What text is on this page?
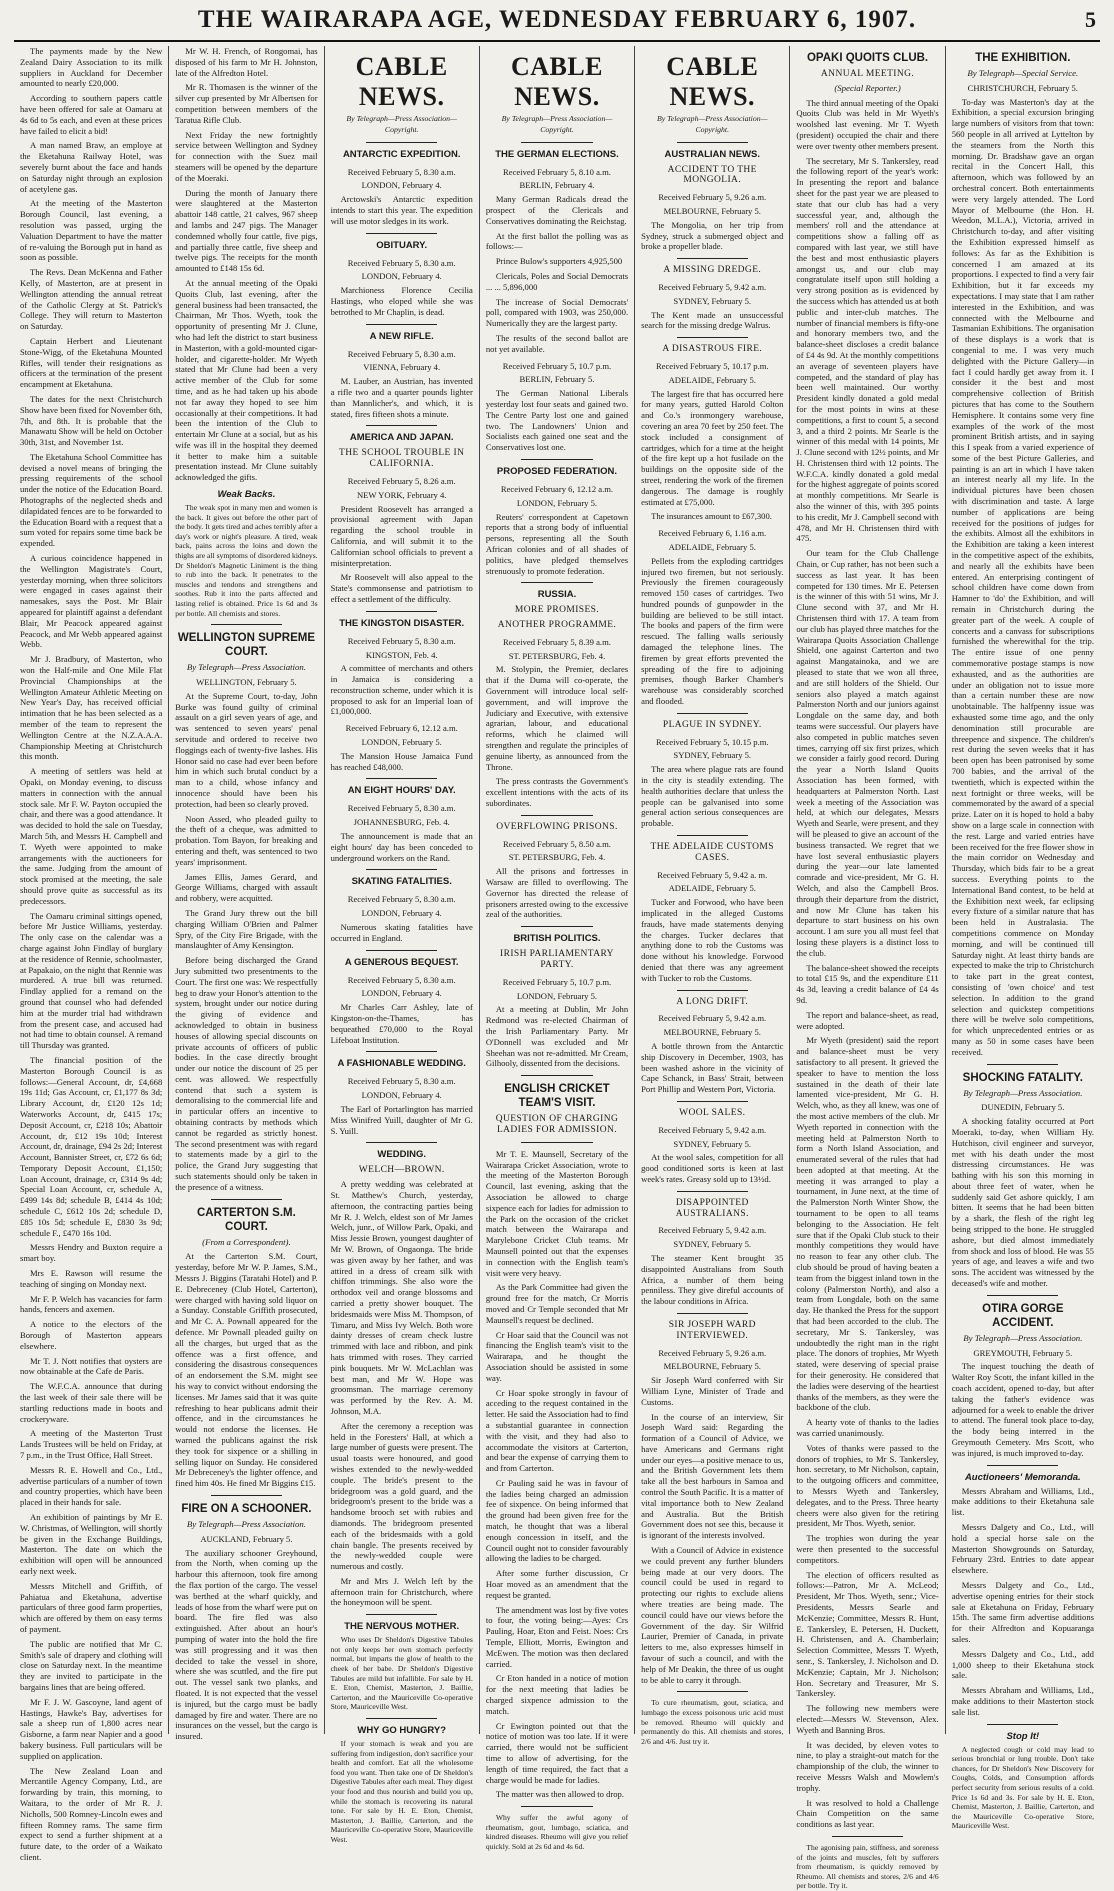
THE WAIRARAPA AGE, WEDNESDAY FEBRUARY 6, 1907.	5

The payments made by the New Zealand Dairy Association to its milk suppliers in Auckland for December amounted to nearly £20,000.

According to southern papers cattle have been offered for sale at Oamaru at 4s 6d to 5s each, and even at these prices have failed to elicit a bid!

A man named Braw, an employe at the Eketahuna Railway Hotel, was severely burnt about the face and hands on Saturday night through an explosion of acetylene gas.

At the meeting of the Masterton Borough Council, last evening, a resolution was passed, urging the Valuation Department to have the matter of re-valuing the Borough put in hand as soon as possible.

The Revs. Dean McKenna and Father Kelly, of Masterton, are at present in Wellington attending the annual retreat of the Catholic Clergy at St. Patrick's College. They will return to Masterton on Saturday.

Captain Herbert and Lieutenant Stone-Wigg, of the Eketahuna Mounted Rifles, will tender their resignations as officers at the termination of the present encampment at Eketahuna.

The dates for the next Christchurch Show have been fixed for November 6th, 7th, and 8th. It is probable that the Manawatu Show will be held on October 30th, 31st, and November 1st.

The Eketahuna School Committee has devised a novel means of bringing the pressing requirements of the school under the notice of the Education Board. Photographs of the neglected sheds and dilapidated fences are to be forwarded to the Education Board with a request that a sum voted for repairs some time back be expended.

A curious coincidence happened in the Wellington Magistrate's Court, yesterday morning, when three solicitors were engaged in cases against their namesakes, says the Post. Mr Blair appeared for plaintiff against a defendant Blair, Mr Peacock appeared against Peacock, and Mr Webb appeared against Webb.

Mr J. Bradbury, of Masterton, who won the Half-mile and One Mile Flat Provincial Championships at the Wellington Amateur Athletic Meeting on New Year's Day, has received official intimation that he has been selected as a member of the team to represent the Wellington Centre at the N.Z.A.A.A. Championship Meeting at Christchurch this month.

A meeting of settlers was held at Opaki, on Monday evening, to discuss matters in connection with the annual stock sale. Mr F. W. Payton occupied the chair, and there was a good attendance. It was decided to hold the sale on Tuesday, March 5th, and Messrs H. Campbell and T. Wyeth were appointed to make arrangements with the auctioneers for the same. Judging from the amount of stock promised at the meeting, the sale should prove quite as successful as its predecessors.

The Oamaru criminal sittings opened, before Mr Justice Williams, yesterday. The only case on the calendar was a charge against John Findlay of burglary at the residence of Rennie, schoolmaster, at Papakaio, on the night that Rennie was murdered. A true bill was returned. Findlay applied for a remand on the ground that counsel who had defended him at the murder trial had withdrawn from the present case, and accused had not had time to obtain counsel. A remand till Thursday was granted.

The financial position of the Masterton Borough Council is as follows:—General Account, dr, £4,668 19s 11d; Gas Account, cr, £1,177 8s 3d; Library Account, dr, £120 12s 1d; Waterworks Account, dr, £415 17s; Deposit Account, cr, £218 10s; Abattoir Account, dr, £12 19s 10d; Interest Account, dr, drainage, £94 2s 2d; Interest Account, Bannister Street, cr, £72 6s 6d; Temporary Deposit Account, £1,150; Loan Account, drainage, cr, £314 9s 4d; Special Loan Account, cr, schedule A, £499 14s 8d; schedule B, £414 4s 10d; schedule C, £612 10s 2d; schedule D, £85 10s 5d; schedule E, £830 3s 9d; schedule F., £470 16s 10d.

Messrs Hendry and Buxton require a smart boy.

Mrs E. Rawson will resume the teaching of singing on Monday next.

Mr F. P. Welch has vacancies for farm hands, fencers and axemen.

A notice to the electors of the Borough of Masterton appears elsewhere.

Mr T. J. Nott notifies that oysters are now obtainable at the Cafe de Paris.

The W.F.C.A. announce that during the last week of their sale there will be startling reductions made in boots and crockeryware.

A meeting of the Masterton Trust Lands Trustees will be held on Friday, at 7 p.m., in the Trust Office, Hall Street.

Messrs R. E. Howell and Co., Ltd., advertise particulars of a number of town and country properties, which have been placed in their hands for sale.

An exhibition of paintings by Mr E. W. Christmas, of Wellington, will shortly be given in the Exchange Buildings, Masterton. The date on which the exhibition will open will be announced early next week.

Messrs Mitchell and Griffith, of Pahiatua and Eketahuna, advertise particulars of three good farm properties, which are offered by them on easy terms of payment.

The public are notified that Mr C. Smith's sale of drapery and clothing will close on Saturday next. In the meantime they are invited to participate in the bargains lines that are being offered.

Mr F. J. W. Gascoyne, land agent of Hastings, Hawke's Bay, advertises for sale a sheep run of 1,800 acres near Gisborne, a farm near Napier and a good bakery business. Full particulars will be supplied on application.

The New Zealand Loan and Mercantile Agency Company, Ltd., are forwarding by train, this morning, to Waitara, to the order of Mr R. J. Nicholls, 500 Romney-Lincoln ewes and fifteen Romney rams. The same firm expect to send a further shipment at a future date, to the order of a Waikato client.

Mr W. H. French, of Rongomai, has disposed of his farm to Mr H. Johnston, late of the Alfredton Hotel.

Mr R. Thomasen is the winner of the silver cup presented by Mr Albertsen for competition between members of the Taratua Rifle Club.

Next Friday the new fortnightly service between Wellington and Sydney for connection with the Suez mail steamers will be opened by the departure of the Moeraki.

During the month of January there were slaughtered at the Masterton abattoir 148 cattle, 21 calves, 967 sheep and lambs and 247 pigs. The Manager condemned wholly four cattle, five pigs, and partially three cattle, five sheep and twelve pigs. The receipts for the month amounted to £148 15s 6d.

At the annual meeting of the Opaki Quoits Club, last evening, after the general business had been transacted, the Chairman, Mr Thos. Wyeth, took the opportunity of presenting Mr J. Clune, who had left the district to start business in Masterton, with a gold-mounted cigar-holder, and cigarette-holder. Mr Wyeth stated that Mr Clune had been a very active member of the Club for some time, and as he had taken up his abode not far away they hoped to see him occasionally at their competitions. It had been the intention of the Club to entertain Mr Clune at a social, but as his wife was ill in the hospital they deemed it better to make him a suitable presentation instead. Mr Clune suitably acknowledged the gifts.

Weak Backs.

The weak spot in many men and women is the back. It gives out before the other part of the body. It gets tired and aches terribly after a day's work or night's pleasure. A tired, weak back, pains across the loins and down the thighs are all symptoms of disordered kidneys. Dr Sheldon's Magnetic Liniment is the thing to rub into the back. It penetrates to the muscles and tendons and strengthens and soothes. Rub it into the parts affected and lasting relief is obtained. Price 1s 6d and 3s per bottle. All chemists and stores.

WELLINGTON SUPREME COURT.
By Telegraph—Press Association.

WELLINGTON, February 5.

At the Supreme Court, to-day, John Burke was found guilty of criminal assault on a girl seven years of age, and was sentenced to seven years' penal servitude and ordered to receive two floggings each of twenty-five lashes. His Honor said no case had ever been before him in which such brutal conduct by a man to a child, whose infancy and innocence should have been his protection, had been so clearly proved.

Noon Assed, who pleaded guilty to the theft of a cheque, was admitted to probation. Tom Bayon, for breaking and entering and theft, was sentenced to two years' imprisonment.

James Ellis, James Gerard, and George Williams, charged with assault and robbery, were acquitted.

The Grand Jury threw out the bill charging William O'Brien and Palmer Spry, of the City Fire Brigade, with the manslaughter of Amy Kensington.

Before being discharged the Grand Jury submitted two presentments to the Court. The first one was: We respectfully beg to draw your Honor's attention to the system, brought under our notice during the giving of evidence and acknowledged to obtain in business houses of allowing special discounts on private accounts of officers of public bodies. In the case directly brought under our notice the discount of 25 per cent. was allowed. We respectfully contend that such a system is demoralising to the commercial life and in particular offers an incentive to obtaining contracts by methods which cannot be regarded as strictly honest. The second presentment was with regard to statements made by a girl to the police, the Grand Jury suggesting that such statements should only be taken in the presence of a witness.

CARTERTON S.M. COURT.
(From a Correspondent).

At the Carterton S.M. Court, yesterday, before Mr W. P. James, S.M., Messrs J. Biggins (Taratahi Hotel) and P. E. Debreceney (Club Hotel, Carterton), were charged with having sold liquor on a Sunday. Constable Griffith prosecuted, and Mr C. A. Pownall appeared for the defence. Mr Pownall pleaded guilty on all the charges, but urged that as the offence was a first offence, and considering the disastrous consequences of an endorsement the S.M. might see his way to convict without endorsing the licenses. Mr James said that it was quite refreshing to hear publicans admit their offence, and in the circumstances he would not endorse the licenses. He warned the publicans against the risk they took for sixpence or a shilling in selling liquor on Sunday. He considered Mr Debreceney's the lighter offence, and fined him 40s. He fined Mr Biggins £15.

FIRE ON A SCHOONER.
By Telegraph—Press Association.

AUCKLAND, February 5.

The auxiliary schooner Greyhound, from the North, when coming up the harbour this afternoon, took fire among the flax portion of the cargo. The vessel was berthed at the wharf quickly, and leads of hose from the wharf were put on board. The fire fled was also extinguished. After about an hour's pumping of water into the hold the fire was still progressing and it was then decided to take the vessel in shore, where she was scuttled, and the fire put out. The vessel sank two planks, and floated. It is not expected that the vessel is injured, but the cargo must be badly damaged by fire and water. There are no insurances on the vessel, but the cargo is insured.

CABLE NEWS.
By Telegraph—Press Association—Copyright.
ANTARCTIC EXPEDITION.

Received February 5, 8.30 a.m.

LONDON, February 4.

Arctowski's Antarctic expedition intends to start this year. The expedition will use motor sledges in its work.

OBITUARY.

Received February 5, 8.30 a.m.

LONDON, February 4.

Marchioness Florence Cecilia Hastings, who eloped while she was betrothed to Mr Chaplin, is dead.

A NEW RIFLE.

Received February 5, 8.30 a.m.

VIENNA, February 4.

M. Lauber, an Austrian, has invented a rifle two and a quarter pounds lighter than Mannlicher's, and which, it is stated, fires fifteen shots a minute.

AMERICA AND JAPAN.
THE SCHOOL TROUBLE IN CALIFORNIA.

Received February 5, 8.26 a.m.

NEW YORK, February 4.

President Roosevelt has arranged a provisional agreement with Japan regarding the school trouble in California, and will submit it to the Californian school officials to prevent a misinterpretation.

Mr Roosevelt will also appeal to the State's commonsense and patriotism to effect a settlement of the difficulty.

THE KINGSTON DISASTER.

Received February 5, 8.30 a.m.

KINGSTON, Feb. 4.

A committee of merchants and others in Jamaica is considering a reconstruction scheme, under which it is proposed to ask for an Imperial loan of £1,000,000.

Received February 6, 12.12 a.m.

LONDON, February 5.

The Mansion House Jamaica Fund has reached £48,000.

AN EIGHT HOURS' DAY.

Received February 5, 8.30 a.m.

JOHANNESBURG, Feb. 4.

The announcement is made that an eight hours' day has been conceded to underground workers on the Rand.

SKATING FATALITIES.

Received February 5, 8.30 a.m.

LONDON, February 4.

Numerous skating fatalities have occurred in England.

A GENEROUS BEQUEST.

Received February 5, 8.30 a.m.

LONDON, February 4.

Mr Charles Carr Ashley, late of Kingston-on-the-Thames, has bequeathed £70,000 to the Royal Lifeboat Institution.

A FASHIONABLE WEDDING.

Received February 5, 8.30 a.m.

LONDON, February 4.

The Earl of Portarlington has married Miss Winifred Yuill, daughter of Mr G. S. Yuill.

WEDDING.
WELCH—BROWN.

A pretty wedding was celebrated at St. Matthew's Church, yesterday, afternoon, the contracting parties being Mr R. J. Welch, eldest son of Mr James Welch, junr., of Willow Park, Opaki, and Miss Jessie Brown, youngest daughter of Mr W. Brown, of Ongaonga. The bride was given away by her father, and was attired in a dress of cream silk with chiffon trimmings. She also wore the orthodox veil and orange blossoms and carried a pretty shower bouquet. The bridesmaids were Miss M. Thompson, of Timaru, and Miss Ivy Welch. Both wore dainty dresses of cream check lustre trimmed with lace and ribbon, and pink hats trimmed with roses. They carried pink bouquets. Mr W. McLachlan was best man, and Mr W. Hope was groomsman. The marriage ceremony was performed by the Rev. A. M. Johnson, M.A.

After the ceremony a reception was held in the Foresters' Hall, at which a large number of guests were present. The usual toasts were honoured, and good wishes extended to the newly-wedded couple. The bride's present to the bridegroom was a gold guard, and the bridegroom's present to the bride was a handsome brooch set with rubies and diamonds. The bridegroom presented each of the bridesmaids with a gold chain bangle. The presents received by the newly-wedded couple were numerous and costly.

Mr and Mrs J. Welch left by the afternoon train for Christchurch, where the honeymoon will be spent.

THE NERVOUS MOTHER.

Who uses Dr Sheldon's Digestive Tabules not only keeps her own stomach perfectly normal, but imparts the glow of health to the cheek of her babe. Dr Sheldon's Digestive Tabules are mild but infallible. For sale by H. E. Eton, Chemist, Masterton, J. Baillie, Carterton, and the Mauriceville Co-operative Store, Mauriceville West.

WHY GO HUNGRY?

If your stomach is weak and you are suffering from indigestion, don't sacrifice your health and comfort. Eat all the wholesome food you want. Then take one of Dr Sheldon's Digestive Tabules after each meal. They digest your food and thus nourish and build you up, while the stomach is recovering its natural tone. For sale by H. E. Eton, Chemist, Masterton, J. Baillie, Carterton, and the Mauriceville Co-operative Store, Mauriceville West.

CABLE NEWS.
By Telegraph—Press Association—Copyright.
THE GERMAN ELECTIONS.

Received February 5, 8.10 a.m.

BERLIN, February 4.

Many German Radicals dread the prospect of the Clericals and Conservatives dominating the Reichstag.

At the first ballot the polling was as follows:—

Prince Bulow's supporters 4,925,500

Clericals, Poles and Social Democrats ... ... 5,896,000

The increase of Social Democrats' poll, compared with 1903, was 250,000. Numerically they are the largest party.

The results of the second ballot are not yet available.

Received February 5, 10.7 p.m.

BERLIN, February 5.

The German National Liberals yesterday lost four seats and gained two. The Centre Party lost one and gained two. The Landowners' Union and Socialists each gained one seat and the Conservatives lost one.

PROPOSED FEDERATION.

Received February 6, 12.12 a.m.

LONDON, February 5.

Reuters' correspondent at Capetown reports that a strong body of influential persons, representing all the South African colonies and of all shades of politics, have pledged themselves strenuously to promote federation.

RUSSIA.
MORE PROMISES.
ANOTHER PROGRAMME.

Received February 5, 8.39 a.m.

ST. PETERSBURG, Feb. 4.

M. Stolypin, the Premier, declares that if the Duma will co-operate, the Government will introduce local self-government, and will improve the Judiciary and Executive, with extensive agrarian, labour, and educational reforms, which he claimed will strengthen and regulate the principles of genuine liberty, as announced from the Throne.

The press contrasts the Government's excellent intentions with the acts of its subordinates.

OVERFLOWING PRISONS.

Received February 5, 8.50 a.m.

ST. PETERSBURG, Feb. 4.

All the prisons and fortresses in Warsaw are filled to overflowing. The Governor has directed the release of prisoners arrested owing to the excessive zeal of the authorities.

BRITISH POLITICS.
IRISH PARLIAMENTARY PARTY.

Received February 5, 10.7 p.m.

LONDON, February 5.

At a meeting at Dublin, Mr John Redmond was re-elected Chairman of the Irish Parliamentary Party. Mr O'Donnell was excluded and Mr Sheehan was not re-admitted. Mr Cream, Gilhooly, dissented from the decisions.

ENGLISH CRICKET TEAM'S VISIT.
QUESTION OF CHARGING LADIES FOR ADMISSION.

Mr T. E. Maunsell, Secretary of the Wairarapa Cricket Association, wrote to the meeting of the Masterton Borough Council, last evening, asking that the Association be allowed to charge sixpence each for ladies for admission to the Park on the occasion of the cricket match between the Wairarapa and Marylebone Cricket Club teams. Mr Maunsell pointed out that the expenses in connection with the English team's visit were very heavy.

As the Park Committee had given the ground free for the match, Cr Morris moved and Cr Temple seconded that Mr Maunsell's request be declined.

Cr Hoar said that the Council was not financing the English team's visit to the Wairarapa, and he thought the Association should be assisted in some way.

Cr Hoar spoke strongly in favour of acceding to the request contained in the letter. He said the Association had to find a substantial guarantee in connection with the visit, and they had also to accommodate the visitors at Carterton, and bear the expense of carrying them to and from Carterton.

Cr Pauling said he was in favour of the ladies being charged an admission fee of sixpence. On being informed that the ground had been given free for the match, he thought that was a liberal enough concession in itself, and the Council ought not to consider favourably allowing the ladies to be charged.

After some further discussion, Cr Hoar moved as an amendment that the request be granted.

The amendment was lost by five votes to four, the voting being:—Ayes: Crs Pauling, Hoar, Eton and Feist. Noes: Crs Temple, Elliott, Morris, Ewington and McEwen. The motion was then declared carried.

Cr Eton handed in a notice of motion for the next meeting that ladies be charged sixpence admission to the match.

Cr Ewington pointed out that the notice of motion was too late. If it were carried, there would not be sufficient time to allow of advertising, for the length of time required, the fact that a charge would be made for ladies.

The matter was then allowed to drop.

Why suffer the awful agony of rheumatism, gout, lumbago, sciatica, and kindred diseases. Rheumo will give you relief quickly. Sold at 2s 6d and 4s 6d.

CABLE NEWS.
By Telegraph—Press Association—Copyright.
AUSTRALIAN NEWS.
ACCIDENT TO THE MONGOLIA.

Received February 5, 9.26 a.m.

MELBOURNE, February 5.

The Mongolia, on her trip from Sydney, struck a submerged object and broke a propeller blade.

A MISSING DREDGE.

Received February 5, 9.42 a.m.

SYDNEY, February 5.

The Kent made an unsuccessful search for the missing dredge Walrus.

A DISASTROUS FIRE.

Received February 5, 10.17 p.m.

ADELAIDE, February 5.

The largest fire that has occurred here for many years, gutted Harold Colton and Co.'s ironmongery warehouse, covering an area 70 feet by 250 feet. The stock included a consignment of cartridges, which for a time at the height of the fire kept up a hot fusilade on the buildings on the opposite side of the street, rendering the work of the firemen dangerous. The damage is roughly estimated at £75,000.

The insurances amount to £67,300.

Received February 6, 1.16 a.m.

ADELAIDE, February 5.

Pellets from the exploding cartridges injured two firemen, but not seriously. Previously the firemen courageously removed 150 cases of cartridges. Two hundred pounds of gunpowder in the building are believed to be still intact. The books and papers of the firm were rescued. The falling walls seriously damaged the telephone lines. The firemen by great efforts prevented the spreading of the fire to adjoining premises, though Barker Chamber's warehouse was considerably scorched and flooded.

PLAGUE IN SYDNEY.

Received February 5, 10.15 p.m.

SYDNEY, February 5.

The area where plague rats are found in the city is steadily extending. The health authorities declare that unless the people can be galvanised into some general action serious consequences are probable.

THE ADELAIDE CUSTOMS CASES.

Received February 5, 9.42 a. m.

ADELAIDE, February 5.

Tucker and Forwood, who have been implicated in the alleged Customs frauds, have made statements denying the charges. Tucker declares that anything done to rob the Customs was done without his knowledge. Forwood denied that there was any agreement with Tucker to rob the Customs.

A LONG DRIFT.

Received February 5, 9.42 a.m.

MELBOURNE, February 5.

A bottle thrown from the Antarctic ship Discovery in December, 1903, has been washed ashore in the vicinity of Cape Schanck, in Bass' Strait, between Port Phillip and Western Port, Victoria.

WOOL SALES.

Received February 5, 9.42 a.m.

SYDNEY, February 5.

At the wool sales, competition for all good conditioned sorts is keen at last week's rates. Greasy sold up to 13½d.

DISAPPOINTED AUSTRALIANS.

Received February 5, 9.42 a.m.

SYDNEY, February 5.

The steamer Kent brought 35 disappointed Australians from South Africa, a number of them being penniless. They give direful accounts of the labour conditions in Africa.

SIR JOSEPH WARD INTERVIEWED.

Received February 5, 9.26 a.m.

MELBOURNE, February 5.

Sir Joseph Ward conferred with Sir William Lyne, Minister of Trade and Customs.

In the course of an interview, Sir Joseph Ward said: Regarding the formation of a Council of Advice, we have Americans and Germans right under our eyes—a positive menace to us, and the British Government lets them take all the best harbours in Samoa and control the South Pacific. It is a matter of vital importance both to New Zealand and Australia. But the British Government does not see this, because it is ignorant of the interests involved.

With a Council of Advice in existence we could prevent any further blunders being made at our very doors. The council could be used in regard to protecting our rights to exclude aliens where treaties are being made. The council could have our views before the Government of the day. Sir Wilfrid Laurier, Premier of Canada, in private letters to me, also expresses himself in favour of such a council, and with the help of Mr Deakin, the three of us ought to be able to carry it through.

To cure rheumatism, gout, sciatica, and lumbago the excess poisonous uric acid must be removed. Rheumo will quickly and permanently do this. All chemists and stores, 2/6 and 4/6. Just try it.

OPAKI QUOITS CLUB.
ANNUAL MEETING.
(Special Reporter.)

The third annual meeting of the Opaki Quoits Club was held in Mr Wyeth's woolshed last evening. Mr T. Wyeth (president) occupied the chair and there were over twenty other members present.

The secretary, Mr S. Tankersley, read the following report of the year's work: In presenting the report and balance sheet for the past year we are pleased to state that our club has had a very successful year, and, although the members' roll and the attendance at competitions show a falling off as compared with last year, we still have the best and most enthusiastic players amongst us, and our club may congratulate itself upon still holding a very strong position as is evidenced by the success which has attended us at both public and inter-club matches. The number of financial members is fifty-one and honorary members two, and the balance-sheet discloses a credit balance of £4 4s 9d. At the monthly competitions an average of seventeen players have competed, and the standard of play has been well maintained. Our worthy President kindly donated a gold medal for the most points in wins at these competitions, a first to count 5, a second 3, and a third 2 points. Mr Searle is the winner of this medal with 14 points, Mr J. Clune second with 12½ points, and Mr H. Christensen third with 12 points. The W.F.C.A. kindly donated a gold medal for the highest aggregate of points scored at monthly competitions. Mr Searle is also the winner of this, with 395 points to his credit, Mr J. Campbell second with 478, and Mr H. Christensen third with 475.

Our team for the Club Challenge Chain, or Cup rather, has not been such a success as last year. It has been competed for 130 times. Mr E. Petersen is the winner of this with 51 wins, Mr J. Clune second with 37, and Mr H. Christensen third with 17. A team from our club has played three matches for the Wairarapa Quoits Association Challenge Shield, one against Carterton and two against Mangatainoka, and we are pleased to state that we won all three, and are still holders of the Shield. Our seniors also played a match against Palmerston North and our juniors against Longdale on the same day, and both teams were successful. Our players have also competed in public matches seven times, carrying off six first prizes, which we consider a fairly good record. During the year a North Island Quoits Association has been formed, with headquarters at Palmerston North. Last week a meeting of the Association was held, at which our delegates, Messrs Wyeth and Searle, were present, and they will be pleased to give an account of the business transacted. We regret that we have lost several enthusiastic players during the year—our late lamented comrade and vice-president, Mr G. H. Welch, and also the Campbell Bros. through their departure from the district, and now Mr Clune has taken his departure to start business on his own account. I am sure you all must feel that losing these players is a distinct loss to the club.

The balance-sheet showed the receipts to total £15 9s, and the expenditure £11 4s 3d, leaving a credit balance of £4 4s 9d.

The report and balance-sheet, as read, were adopted.

Mr Wyeth (president) said the report and balance-sheet must be very satisfactory to all present. It grieved the speaker to have to mention the loss sustained in the death of their late lamented vice-president, Mr G. H. Welch, who, as they all knew, was one of the most active members of the club. Mr Wyeth reported in connection with the meeting held at Palmerston North to form a North Island Association, and enumerated several of the rules that had been adopted at that meeting. At the meeting it was arranged to play a tournament, in June next, at the time of the Palmerston North Winter Show, the tournament to be open to all teams belonging to the Association. He felt sure that if the Opaki Club stuck to their monthly competitions they would have no reason to fear any other club. The club should be proud of having beaten a team from the biggest inland town in the colony (Palmerston North), and also a team from Longdale, both on the same day. He thanked the Press for the support that had been accorded to the club. The secretary, Mr S. Tankersley, was undoubtedly the right man in the right place. The donors of trophies, Mr Wyeth stated, were deserving of special praise for their generosity. He considered that the ladies were deserving of the heartiest thanks of the members, as they were the backbone of the club.

A hearty vote of thanks to the ladies was carried unanimously.

Votes of thanks were passed to the donors of trophies, to Mr S. Tankersley, hon. secretary, to Mr Nicholson, captain, to the outgoing officers and committee, to Messrs Wyeth and Tankersley, delegates, and to the Press. Three hearty cheers were also given for the retiring president, Mr Thos. Wyeth, senior.

The trophies won during the year were then presented to the successful competitors.

The election of officers resulted as follows:—Patron, Mr A. McLeod; President, Mr Thos. Wyeth, senr.; Vice-Presidents, Messrs Searle and McKenzie; Committee, Messrs R. Hunt, E. Tankersley, E. Petersen, H. Duckett, H. Christensen, and A. Chamberlain; Selection Committee, Messrs T. Wyeth, senr., S. Tankersley, J. Nicholson and D. McKenzie; Captain, Mr J. Nicholson; Hon. Secretary and Treasurer, Mr S. Tankersley.

The following new members were elected:—Messrs W. Stevenson, Alex. Wyeth and Banning Bros.

It was decided, by eleven votes to nine, to play a straight-out match for the championship of the club, the winner to receive Messrs Walsh and Mowlem's trophy.

It was resolved to hold a Challenge Chain Competition on the same conditions as last year.

The agonising pain, stiffness, and soreness of the joints and muscles, felt by sufferers from rheumatism, is quickly removed by Rheumo. All chemists and stores, 2/6 and 4/6 per bottle. Try it.

THE EXHIBITION.
By Telegraph—Special Service.

CHRISTCHURCH, February 5.

To-day was Masterton's day at the Exhibition, a special excursion bringing large numbers of visitors from that town: 560 people in all arrived at Lyttelton by the steamers from the North this morning. Dr. Bradshaw gave an organ recital in the Concert Hall, this afternoon, which was followed by an orchestral concert. Both entertainments were very largely attended. The Lord Mayor of Melbourne (the Hon. H. Weedon, M.L.A.), Victoria, arrived in Christchurch to-day, and after visiting the Exhibition expressed himself as follows: As far as the Exhibition is concerned I am amazed at its proportions. I expected to find a very fair Exhibition, but it far exceeds my expectations. I may state that I am rather interested in the Exhibition, and was connected with the Melbourne and Tasmanian Exhibitions. The organisation of these displays is a work that is congenial to me. I was very much delighted with the Picture Gallery—in fact I could hardly get away from it. I consider it the best and most comprehensive collection of British pictures that has come to the Southern Hemisphere. It contains some very fine examples of the work of the most prominent British artists, and in saying this I speak from a varied experience of some of the best Picture Galleries, and painting is an art in which I have taken an interest nearly all my life. In the individual pictures have been chosen with discrimination and taste. A large number of applications are being received for the positions of judges for the exhibits. Almost all the exhibitors in the Exhibition are taking a keen interest in the competitive aspect of the exhibits, and nearly all the exhibits have been entered. An enterprising contingent of school children have come down from Hamner to 'do' the Exhibition, and will remain in Christchurch during the greater part of the week. A couple of concerts and a canvass for subscriptions furnished the wherewithal for the trip. The entire issue of one penny commemorative postage stamps is now exhausted, and as the authorities are under an obligation not to issue more than a certain number these are now unobtainable. The halfpenny issue was exhausted some time ago, and the only denomination still procurable are threepence and sixpence. The children's rest during the seven weeks that it has been open has been patronised by some 700 babies, and the arrival of the twentieth, which is expected within the next fortnight or three weeks, will be commemorated by the award of a special prize. Later on it is hoped to hold a baby show on a large scale in connection with the rest. Large and varied entries have been received for the free flower show in the main corridor on Wednesday and Thursday, which bids fair to be a great success. Everything points to the International Band contest, to be held at the Exhibition next week, far eclipsing every fixture of a similar nature that has been held in Australasia. The competitions commence on Monday morning, and will be continued till Saturday night. At least thirty bands are expected to make the trip to Christchurch to take part in the great contest, consisting of 'own choice' and test selection. In addition to the grand selection and quickstep competitions there will be twelve solo competitions, for which unprecedented entries or as many as 50 in some cases have been received.

SHOCKING FATALITY.
By Telegraph—Press Association.

DUNEDIN, February 5.

A shocking fatality occurred at Port Moeraki, to-day, when William Hy. Hutchison, civil engineer and surveyor, met with his death under the most distressing circumstances. He was bathing with his son this morning in about three feet of water, when he suddenly said Get ashore quickly, I am bitten. It seems that he had been bitten by a shark, the flesh of the right leg being stripped to the bone. He struggled ashore, but died almost immediately from shock and loss of blood. He was 55 years of age, and leaves a wife and two sons. The accident was witnessed by the deceased's wife and mother.

OTIRA GORGE ACCIDENT.
By Telegraph—Press Association.

GREYMOUTH, February 5.

The inquest touching the death of Walter Roy Scott, the infant killed in the coach accident, opened to-day, but after taking the father's evidence was adjourned for a week to enable the driver to attend. The funeral took place to-day, the body being interred in the Greymouth Cemetery. Mrs Scott, who was injured, is much improved to-day.

Auctioneers' Memoranda.

Messrs Abraham and Williams, Ltd., make additions to their Eketahuna sale list.

Messrs Dalgety and Co., Ltd., will hold a special horse sale on the Masterton Showgrounds on Saturday, February 23rd. Entries to date appear elsewhere.

Messrs Dalgety and Co., Ltd., advertise opening entries for their stock sale at Eketahuna on Friday, February 15th. The same firm advertise additions for their Alfredton and Kopuaranga sales.

Messrs Dalgety and Co., Ltd., add 1,000 sheep to their Eketahuna stock sale.

Messrs Abraham and Williams, Ltd., make additions to their Masterton stock sale list.

Stop It!

A neglected cough or cold may lead to serious bronchial or lung trouble. Don't take chances, for Dr Sheldon's New Discovery for Coughs, Colds, and Consumption affords perfect security from serious results of a cold. Price 1s 6d and 3s. For sale by H. E. Eton, Chemist, Masterton, J. Baillie, Carterton, and the Mauriceville Co-operative Store, Mauriceville West.
